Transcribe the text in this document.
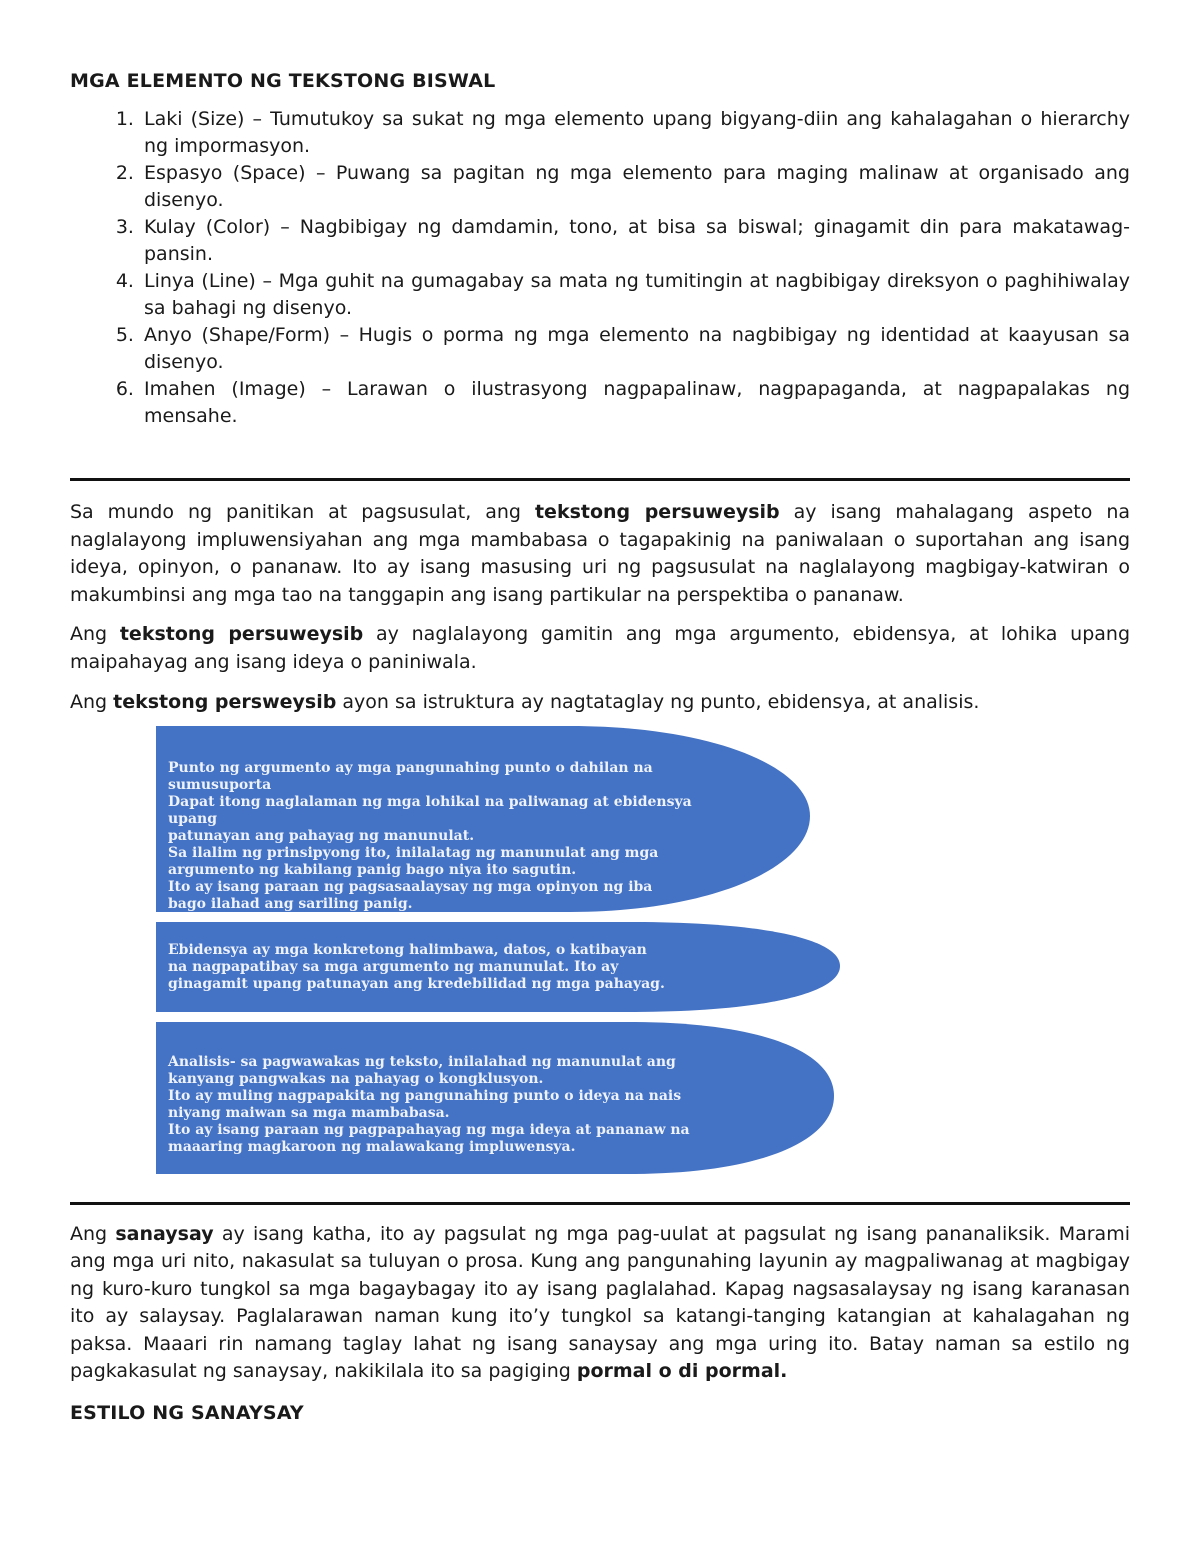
MGA ELEMENTO NG TEKSTONG BISWAL
1. Laki (Size) – Tumutukoy sa sukat ng mga elemento upang bigyang-diin ang kahalagahan o hierarchy ng impormasyon.
2. Espasyo (Space) – Puwang sa pagitan ng mga elemento para maging malinaw at organisado ang disenyo.
3. Kulay (Color) – Nagbibigay ng damdamin, tono, at bisa sa biswal; ginagamit din para makatawag-pansin.
4. Linya (Line) – Mga guhit na gumagabay sa mata ng tumitingin at nagbibigay direksyon o paghihiwalay sa bahagi ng disenyo.
5. Anyo (Shape/Form) – Hugis o porma ng mga elemento na nagbibigay ng identidad at kaayusan sa disenyo.
6. Imahen (Image) – Larawan o ilustrasyong nagpapalinaw, nagpapaganda, at nagpapalakas ng mensahe.

Sa mundo ng panitikan at pagsusulat, ang tekstong persuweysib ay isang mahalagang aspeto na naglalayong impluwensiyahan ang mga mambabasa o tagapakinig na paniwalaan o suportahan ang isang ideya, opinyon, o pananaw. Ito ay isang masusing uri ng pagsusulat na naglalayong magbigay-katwiran o makumbinsi ang mga tao na tanggapin ang isang partikular na perspektiba o pananaw.

Ang tekstong persuweysib ay naglalayong gamitin ang mga argumento, ebidensya, at lohika upang maipahayag ang isang ideya o paniniwala.

Ang tekstong persweysib ayon sa istruktura ay nagtataglay ng punto, ebidensya, at analisis.

Punto ng argumento ay mga pangunahing punto o dahilan na sumusuporta
Dapat itong naglalaman ng mga lohikal na paliwanag at ebidensya upang
patunayan ang pahayag ng manunulat.
Sa ilalim ng prinsipyong ito, inilalatag ng manunulat ang mga
argumento ng kabilang panig bago niya ito sagutin.
Ito ay isang paraan ng pagsasaalaysay ng mga opinyon ng iba
bago ilahad ang sariling panig.
Ebidensya ay mga konkretong halimbawa, datos, o katibayan
na nagpapatibay sa mga argumento ng manunulat. Ito ay
ginagamit upang patunayan ang kredebilidad ng mga pahayag.
Analisis- sa pagwawakas ng teksto, inilalahad ng manunulat ang
kanyang pangwakas na pahayag o kongklusyon.
Ito ay muling nagpapakita ng pangunahing punto o ideya na nais
niyang maiwan sa mga mambabasa.
Ito ay isang paraan ng pagpapahayag ng mga ideya at pananaw na
maaaring magkaroon ng malawakang impluwensya.

Ang sanaysay ay isang katha, ito ay pagsulat ng mga pag-uulat at pagsulat ng isang pananaliksik. Marami ang mga uri nito, nakasulat sa tuluyan o prosa. Kung ang pangunahing layunin ay magpaliwanag at magbigay ng kuro-kuro tungkol sa mga bagaybagay ito ay isang paglalahad. Kapag nagsasalaysay ng isang karanasan ito ay salaysay. Paglalarawan naman kung ito’y tungkol sa katangi-tanging katangian at kahalagahan ng paksa. Maaari rin namang taglay lahat ng isang sanaysay ang mga uring ito. Batay naman sa estilo ng pagkakasulat ng sanaysay, nakikilala ito sa pagiging pormal o di pormal.

ESTILO NG SANAYSAY
